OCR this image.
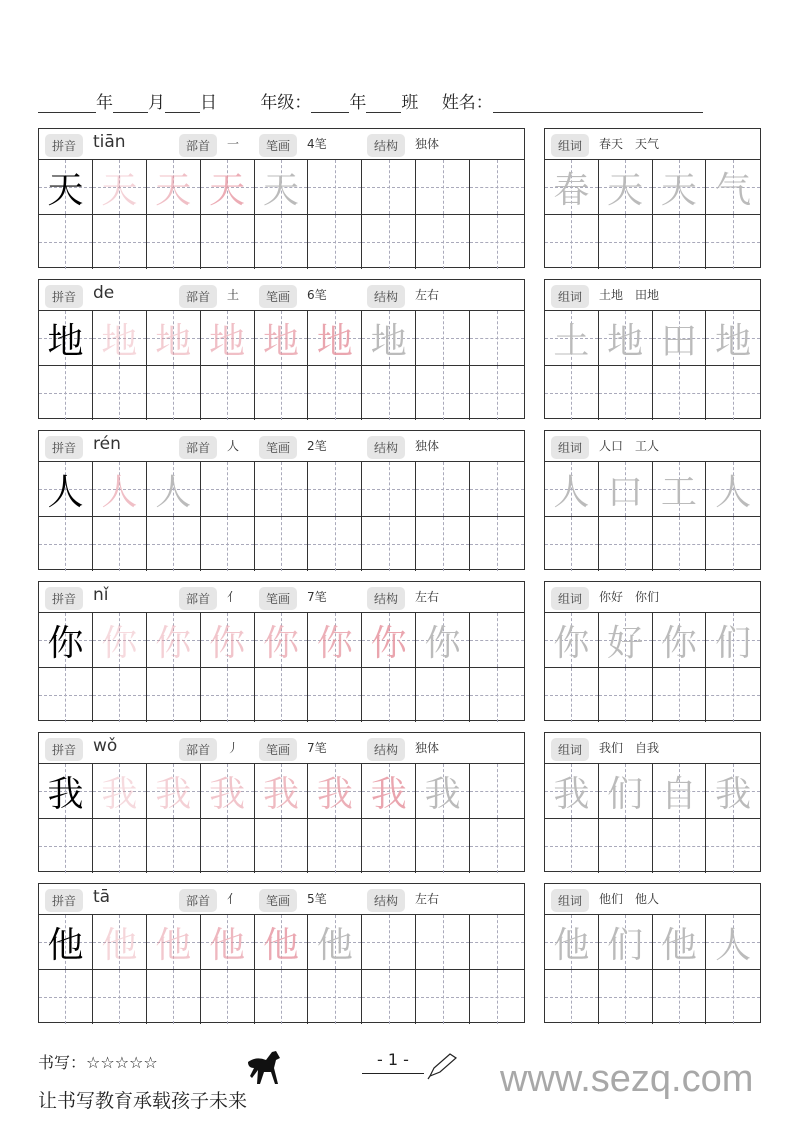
年 月 日	年级： 年 班 姓名：
拼音 tiān	部首	一	笔画	4笔	结构	独体
天 天 天 天 天
组词	春天　天气
春 天 天 气
拼音 de	部首	土	笔画	6笔	结构	左右
地 地 地 地 地 地 地
组词	土地　田地
土 地 田 地
拼音 rén	部首	人	笔画	2笔	结构	独体
人 人 人
组词	人口　工人
人 口 工 人
拼音 nǐ	部首	亻	笔画	7笔	结构	左右
你 你 你 你 你 你 你 你
组词	你好　你们
你 好 你 们
拼音 wǒ	部首	丿	笔画	7笔	结构	独体
我 我 我 我 我 我 我 我
组词	我们　自我
我 们 自 我
拼音 tā	部首	亻	笔画	5笔	结构	左右
他 他 他 他 他 他
组词	他们　他人
他 们 他 人
书写：☆☆☆☆☆
让书写教育承载孩子未来
- 1 -	www.sezq.com
